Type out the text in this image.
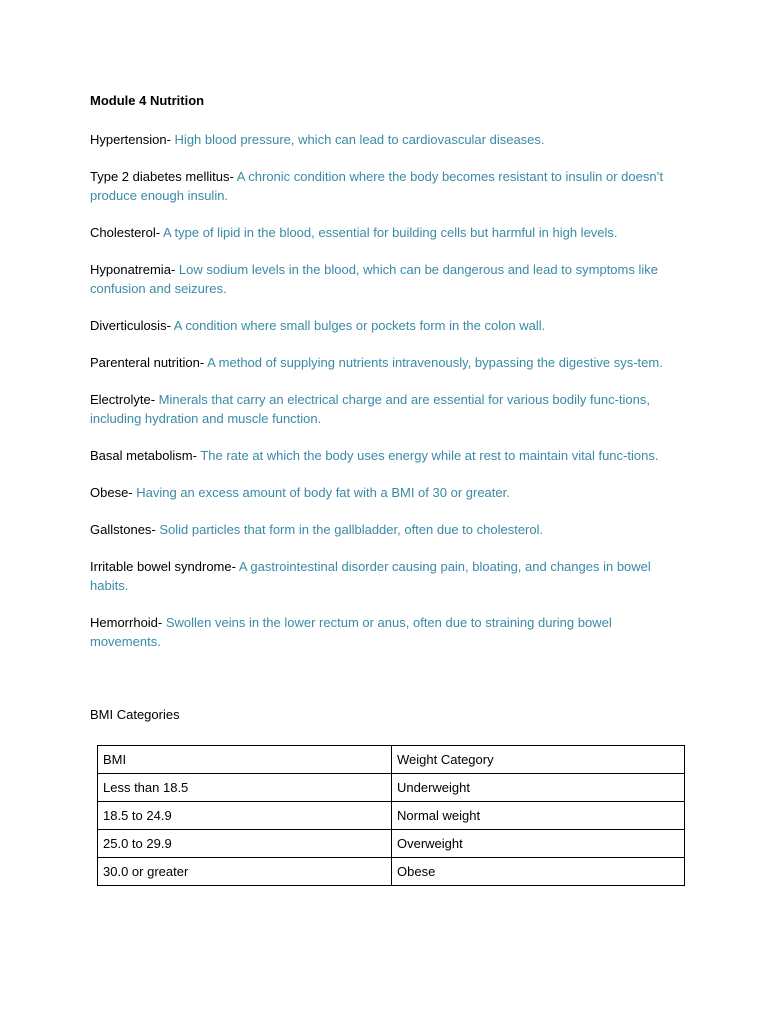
Module 4 Nutrition
Hypertension- High blood pressure, which can lead to cardiovascular diseases.
Type 2 diabetes mellitus- A chronic condition where the body becomes resistant to insulin or doesn’t produce enough insulin.
Cholesterol- A type of lipid in the blood, essential for building cells but harmful in high levels.
Hyponatremia- Low sodium levels in the blood, which can be dangerous and lead to symptoms like confusion and seizures.
Diverticulosis- A condition where small bulges or pockets form in the colon wall.
Parenteral nutrition- A method of supplying nutrients intravenously, bypassing the digestive sys-tem.
Electrolyte- Minerals that carry an electrical charge and are essential for various bodily func-tions, including hydration and muscle function.
Basal metabolism- The rate at which the body uses energy while at rest to maintain vital func-tions.
Obese- Having an excess amount of body fat with a BMI of 30 or greater.
Gallstones- Solid particles that form in the gallbladder, often due to cholesterol.
Irritable bowel syndrome- A gastrointestinal disorder causing pain, bloating, and changes in bowel habits.
Hemorrhoid- Swollen veins in the lower rectum or anus, often due to straining during bowel movements.
BMI Categories
BMI	Weight Category
Less than 18.5	Underweight
18.5 to 24.9	Normal weight
25.0 to 29.9	Overweight
30.0 or greater	Obese
